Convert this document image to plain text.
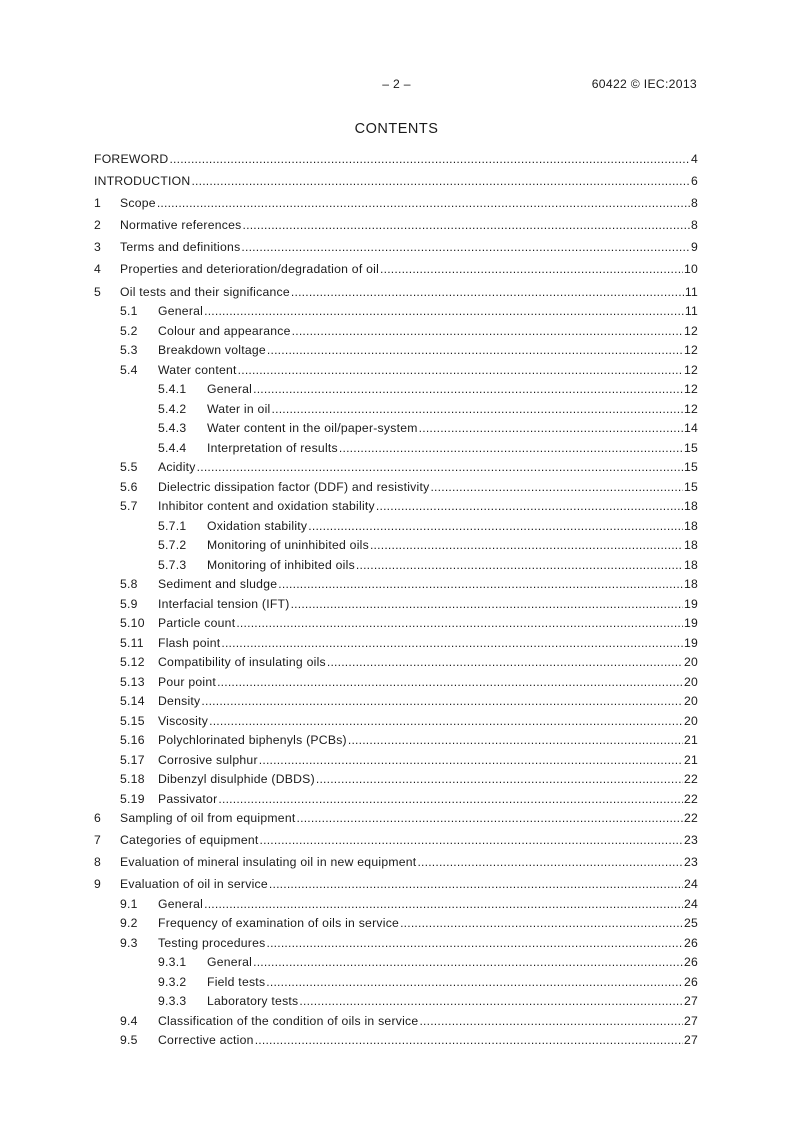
– 2 –	60422 © IEC:2013
CONTENTS
FOREWORD .....	4
INTRODUCTION .....	6
1	Scope .....	8
2	Normative references .....	8
3	Terms and definitions .....	9
4	Properties and deterioration/degradation of oil .....	10
5	Oil tests and their significance .....	11
5.1	General .....	11
5.2	Colour and appearance .....	12
5.3	Breakdown voltage .....	12
5.4	Water content .....	12
5.4.1	General .....	12
5.4.2	Water in oil .....	12
5.4.3	Water content in the oil/paper-system .....	14
5.4.4	Interpretation of results .....	15
5.5	Acidity .....	15
5.6	Dielectric dissipation factor (DDF) and resistivity .....	15
5.7	Inhibitor content and oxidation stability .....	18
5.7.1	Oxidation stability .....	18
5.7.2	Monitoring of uninhibited oils .....	18
5.7.3	Monitoring of inhibited oils .....	18
5.8	Sediment and sludge .....	18
5.9	Interfacial tension (IFT) .....	19
5.10	Particle count .....	19
5.11	Flash point .....	19
5.12	Compatibility of insulating oils .....	20
5.13	Pour point .....	20
5.14	Density .....	20
5.15	Viscosity .....	20
5.16	Polychlorinated biphenyls (PCBs) .....	21
5.17	Corrosive sulphur .....	21
5.18	Dibenzyl disulphide (DBDS) .....	22
5.19	Passivator .....	22
6	Sampling of oil from equipment .....	22
7	Categories of equipment .....	23
8	Evaluation of mineral insulating oil in new equipment .....	23
9	Evaluation of oil in service .....	24
9.1	General .....	24
9.2	Frequency of examination of oils in service .....	25
9.3	Testing procedures .....	26
9.3.1	General .....	26
9.3.2	Field tests .....	26
9.3.3	Laboratory tests .....	27
9.4	Classification of the condition of oils in service .....	27
9.5	Corrective action .....	27
